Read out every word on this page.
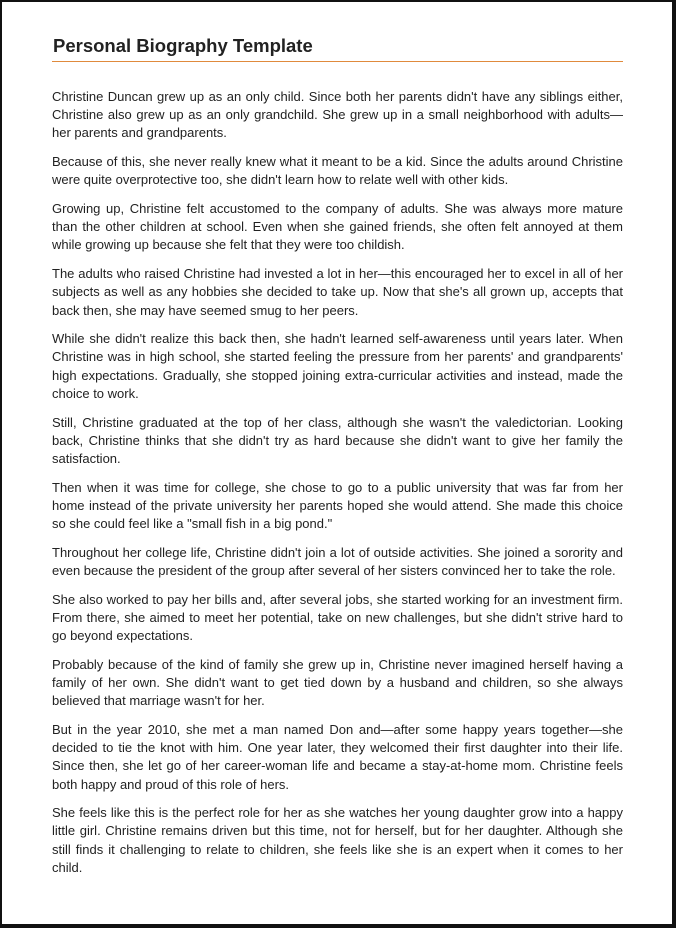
Personal Biography Template

Christine Duncan grew up as an only child. Since both her parents didn't have any siblings either, Christine also grew up as an only grandchild. She grew up in a small neighborhood with adults—her parents and grandparents.

Because of this, she never really knew what it meant to be a kid. Since the adults around Christine were quite overprotective too, she didn't learn how to relate well with other kids.

Growing up, Christine felt accustomed to the company of adults. She was always more mature than the other children at school. Even when she gained friends, she often felt annoyed at them while growing up because she felt that they were too childish.

The adults who raised Christine had invested a lot in her—this encouraged her to excel in all of her subjects as well as any hobbies she decided to take up. Now that she's all grown up, accepts that back then, she may have seemed smug to her peers.

While she didn't realize this back then, she hadn't learned self-awareness until years later. When Christine was in high school, she started feeling the pressure from her parents' and grandparents' high expectations. Gradually, she stopped joining extra-curricular activities and instead, made the choice to work.

Still, Christine graduated at the top of her class, although she wasn't the valedictorian. Looking back, Christine thinks that she didn't try as hard because she didn't want to give her family the satisfaction.

Then when it was time for college, she chose to go to a public university that was far from her home instead of the private university her parents hoped she would attend. She made this choice so she could feel like a "small fish in a big pond."

Throughout her college life, Christine didn't join a lot of outside activities. She joined a sorority and even because the president of the group after several of her sisters convinced her to take the role.

She also worked to pay her bills and, after several jobs, she started working for an investment firm. From there, she aimed to meet her potential, take on new challenges, but she didn't strive hard to go beyond expectations.

Probably because of the kind of family she grew up in, Christine never imagined herself having a family of her own. She didn't want to get tied down by a husband and children, so she always believed that marriage wasn't for her.

But in the year 2010, she met a man named Don and—after some happy years together—she decided to tie the knot with him. One year later, they welcomed their first daughter into their life. Since then, she let go of her career-woman life and became a stay-at-home mom. Christine feels both happy and proud of this role of hers.

She feels like this is the perfect role for her as she watches her young daughter grow into a happy little girl. Christine remains driven but this time, not for herself, but for her daughter. Although she still finds it challenging to relate to children, she feels like she is an expert when it comes to her child.
